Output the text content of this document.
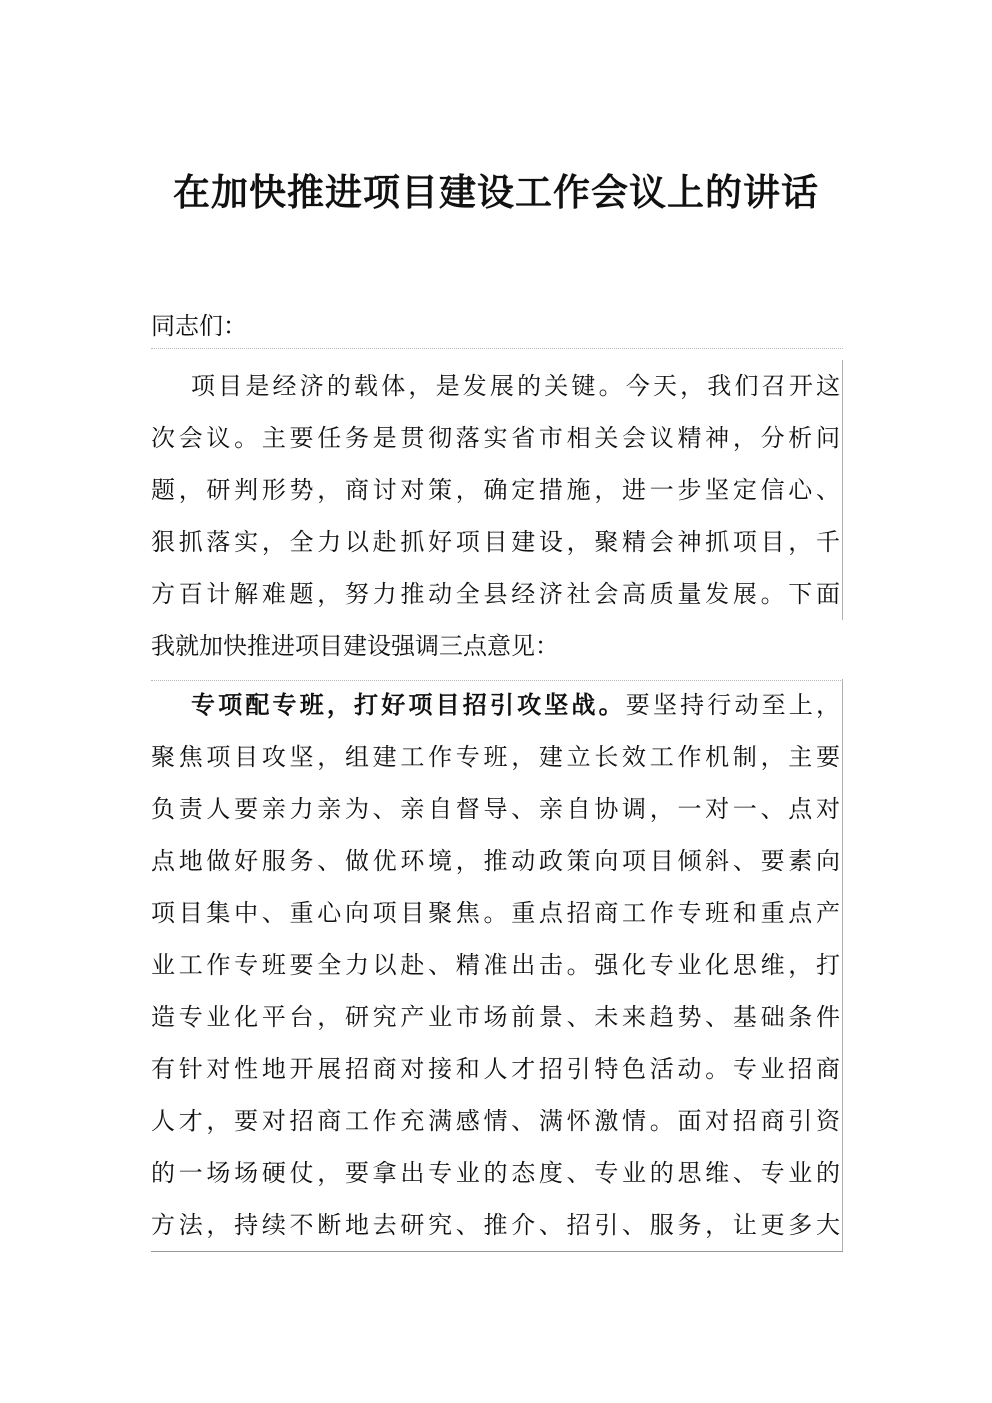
在加快推进项目建设工作会议上的讲话

同志们：

项目是经济的载体，是发展的关键。今天，我们召开这
次会议。主要任务是贯彻落实省市相关会议精神，分析问
题，研判形势，商讨对策，确定措施，进一步坚定信心、
狠抓落实，全力以赴抓好项目建设，聚精会神抓项目，千
方百计解难题，努力推动全县经济社会高质量发展。下面
我就加快推进项目建设强调三点意见：
专项配专班，打好项目招引攻坚战。要坚持行动至上，
聚焦项目攻坚，组建工作专班，建立长效工作机制，主要
负责人要亲力亲为、亲自督导、亲自协调，一对一、点对
点地做好服务、做优环境，推动政策向项目倾斜、要素向
项目集中、重心向项目聚焦。重点招商工作专班和重点产
业工作专班要全力以赴、精准出击。强化专业化思维，打
造专业化平台，研究产业市场前景、未来趋势、基础条件
有针对性地开展招商对接和人才招引特色活动。专业招商
人才，要对招商工作充满感情、满怀激情。面对招商引资
的一场场硬仗，要拿出专业的态度、专业的思维、专业的
方法，持续不断地去研究、推介、招引、服务，让更多大
